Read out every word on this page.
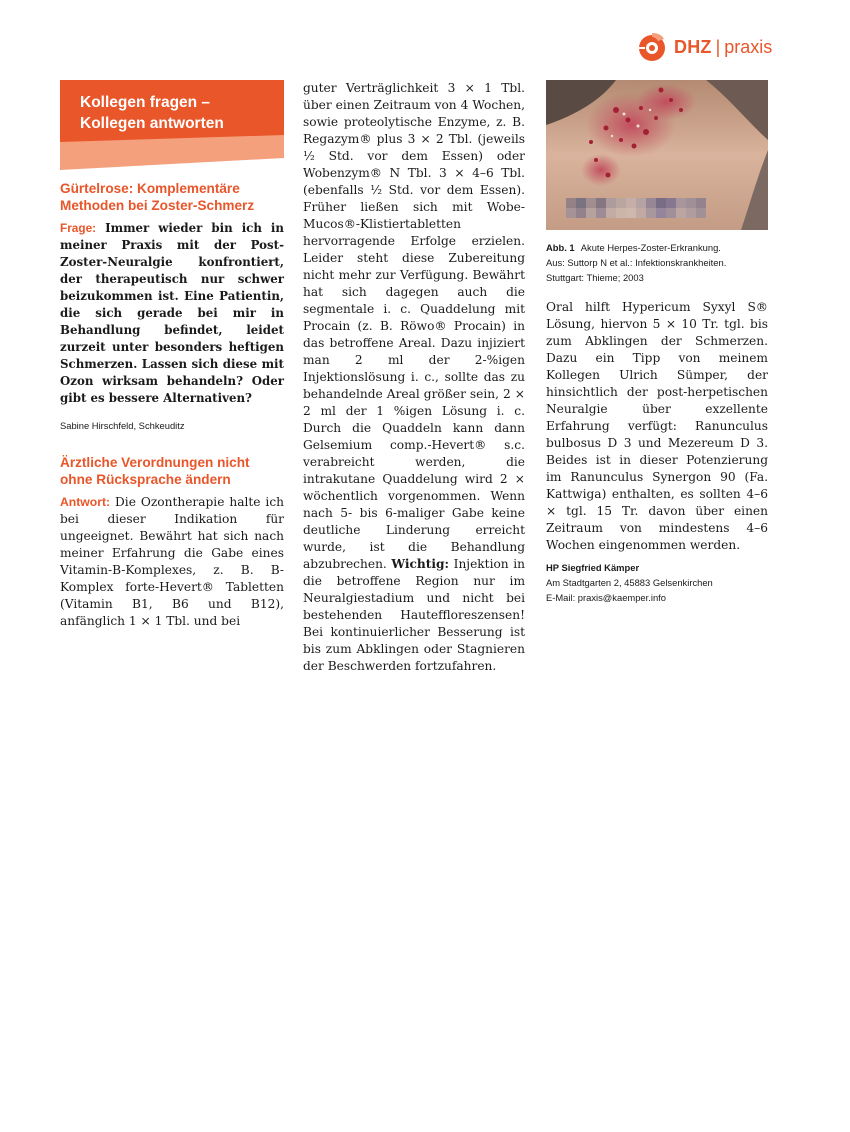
DHZ | praxis
Kollegen fragen –
Kollegen antworten
Gürtelrose: Komplementäre Methoden bei Zoster-Schmerz

Frage: Immer wieder bin ich in meiner Praxis mit der Post-Zoster-Neuralgie konfrontiert, der therapeutisch nur schwer beizukommen ist. Eine Patientin, die sich gerade bei mir in Behandlung befindet, leidet zurzeit unter besonders heftigen Schmerzen. Lassen sich diese mit Ozon wirksam behandeln? Oder gibt es bessere Alternativen?

Sabine Hirschfeld, Schkeuditz

Ärztliche Verordnungen nicht ohne Rücksprache ändern

Antwort: Die Ozontherapie halte ich bei dieser Indikation für ungeeignet. Bewährt hat sich nach meiner Erfahrung die Gabe eines Vitamin-B-Komplexes, z. B. B-Komplex forte-Hevert® Tabletten (Vitamin B1, B6 und B12), anfänglich 1 × 1 Tbl. und bei

guter Verträglichkeit 3 × 1 Tbl. über einen Zeitraum von 4 Wochen, sowie proteolytische Enzyme, z. B. Regazym® plus 3 × 2 Tbl. (jeweils ½ Std. vor dem Essen) oder Wobenzym® N Tbl. 3 × 4–6 Tbl. (ebenfalls ½ Std. vor dem Essen). Früher ließen sich mit Wobe-Mucos®-Klistiertabletten hervorragende Erfolge erzielen. Leider steht diese Zubereitung nicht mehr zur Verfügung. Bewährt hat sich dagegen auch die segmentale i. c. Quaddelung mit Procain (z. B. Röwo® Procain) in das betroffene Areal. Dazu injiziert man 2 ml der 2-%igen Injektionslösung i. c., sollte das zu behandelnde Areal größer sein, 2 × 2 ml der 1 %igen Lösung i. c. Durch die Quaddeln kann dann Gelsemium comp.-Hevert® s.c. verabreicht werden, die intrakutane Quaddelung wird 2 × wöchentlich vorgenommen. Wenn nach 5- bis 6-maliger Gabe keine deutliche Linderung erreicht wurde, ist die Behandlung abzubrechen. Wichtig: Injektion in die betroffene Region nur im Neuralgiestadium und nicht bei bestehenden Hauteffloreszensen! Bei kontinuierlicher Besserung ist bis zum Abklingen oder Stagnieren der Beschwerden fortzufahren.

Abb. 1 Akute Herpes-Zoster-Erkrankung.
Aus: Suttorp N et al.: Infektionskrankheiten.
Stuttgart: Thieme; 2003

Oral hilft Hypericum Syxyl S® Lösung, hiervon 5 × 10 Tr. tgl. bis zum Abklingen der Schmerzen. Dazu ein Tipp von meinem Kollegen Ulrich Sümper, der hinsichtlich der post-herpetischen Neuralgie über exzellente Erfahrung verfügt: Ranunculus bulbosus D 3 und Mezereum D 3. Beides ist in dieser Potenzierung im Ranunculus Synergon 90 (Fa. Kattwiga) enthalten, es sollten 4–6 × tgl. 15 Tr. davon über einen Zeitraum von mindestens 4–6 Wochen eingenommen werden.

HP Siegfried Kämper
Am Stadtgarten 2, 45883 Gelsenkirchen
E-Mail: praxis@kaemper.info
